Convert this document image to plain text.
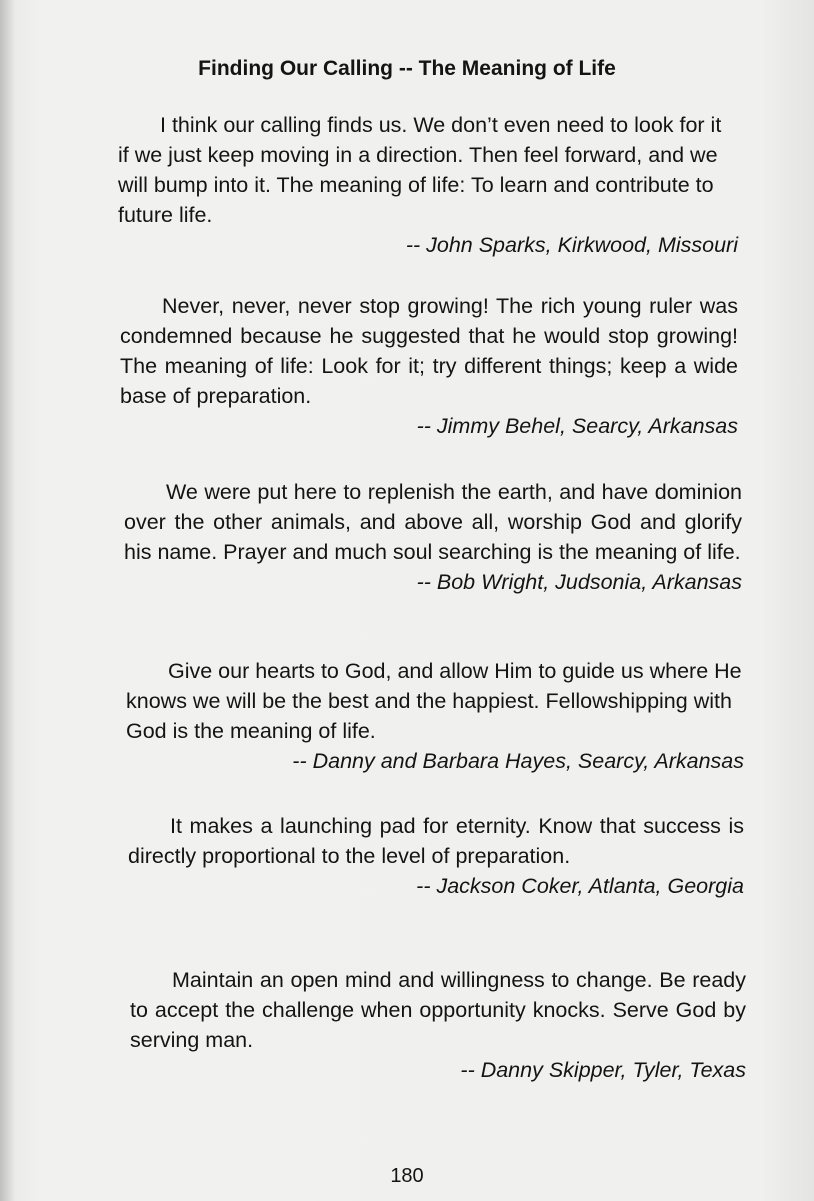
Finding Our Calling -- The Meaning of Life

I think our calling finds us. We don’t even need to look for it if we just keep moving in a direction. Then feel forward, and we will bump into it. The meaning of life: To learn and contribute to future life.

-- John Sparks, Kirkwood, Missouri

Never, never, never stop growing! The rich young ruler was condemned because he suggested that he would stop growing! The meaning of life: Look for it; try different things; keep a wide base of preparation.

-- Jimmy Behel, Searcy, Arkansas

We were put here to replenish the earth, and have dominion over the other animals, and above all, worship God and glorify his name. Prayer and much soul searching is the meaning of life.

-- Bob Wright, Judsonia, Arkansas

Give our hearts to God, and allow Him to guide us where He knows we will be the best and the happiest. Fellowshipping with God is the meaning of life.

-- Danny and Barbara Hayes, Searcy, Arkansas

It makes a launching pad for eternity. Know that success is directly proportional to the level of preparation.

-- Jackson Coker, Atlanta, Georgia

Maintain an open mind and willingness to change. Be ready to accept the challenge when opportunity knocks. Serve God by serving man.

-- Danny Skipper, Tyler, Texas

180
